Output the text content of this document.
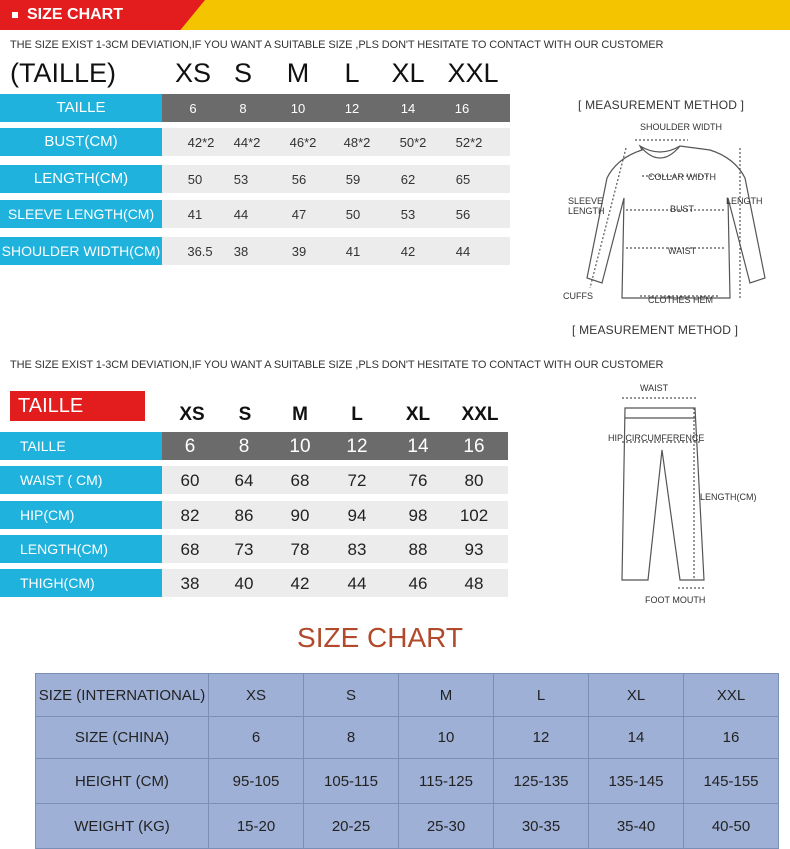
SIZE CHART
THE SIZE EXIST 1-3CM DEVIATION,IF YOU WANT A SUITABLE SIZE ,PLS DON'T HESITATE TO CONTACT WITH OUR CUSTOMER
(TAILLE) XS S	M	L	XL XXL
TAILLE	6	8	10	12	14	16
BUST(CM)	42*2	44*2	46*2	48*2	50*2	52*2
LENGTH(CM)	50	53	56	59	62	65
SLEEVE LENGTH(CM)	41	44	47	50	53	56
SHOULDER WIDTH(CM)	36.5	38	39	41	42	44
[ MEASUREMENT METHOD ]
SHOULDER WIDTH
COLLAR WIDTH
SLEEVE LENGTH	BUST
LENGTH
WAIST
CUFFS	CLOTHES HEM
[ MEASUREMENT METHOD ]
THE SIZE EXIST 1-3CM DEVIATION,IF YOU WANT A SUITABLE SIZE ,PLS DON'T HESITATE TO CONTACT WITH OUR CUSTOMER
TAILLE	XS	S	M	L	XL	XXL
TAILLE	6	8	10	12	14	16
WAIST ( CM)	60	64	68	72	76	80
HIP(CM)	82	86	90	94	98	102
LENGTH(CM)	68	73	78	83	88	93
THIGH(CM)	38	40	42	44	46	48
WAIST
HIP CIRCUMFERENCE
LENGTH(CM)
FOOT MOUTH
SIZE CHART
SIZE (INTERNATIONAL)	XS	S	M	L	XL	XXL
SIZE (CHINA)	6	8	10	12	14	16
HEIGHT (CM)	95-105	105-115	115-125	125-135	135-145	145-155
WEIGHT (KG)	15-20	20-25	25-30	30-35	35-40	40-50
